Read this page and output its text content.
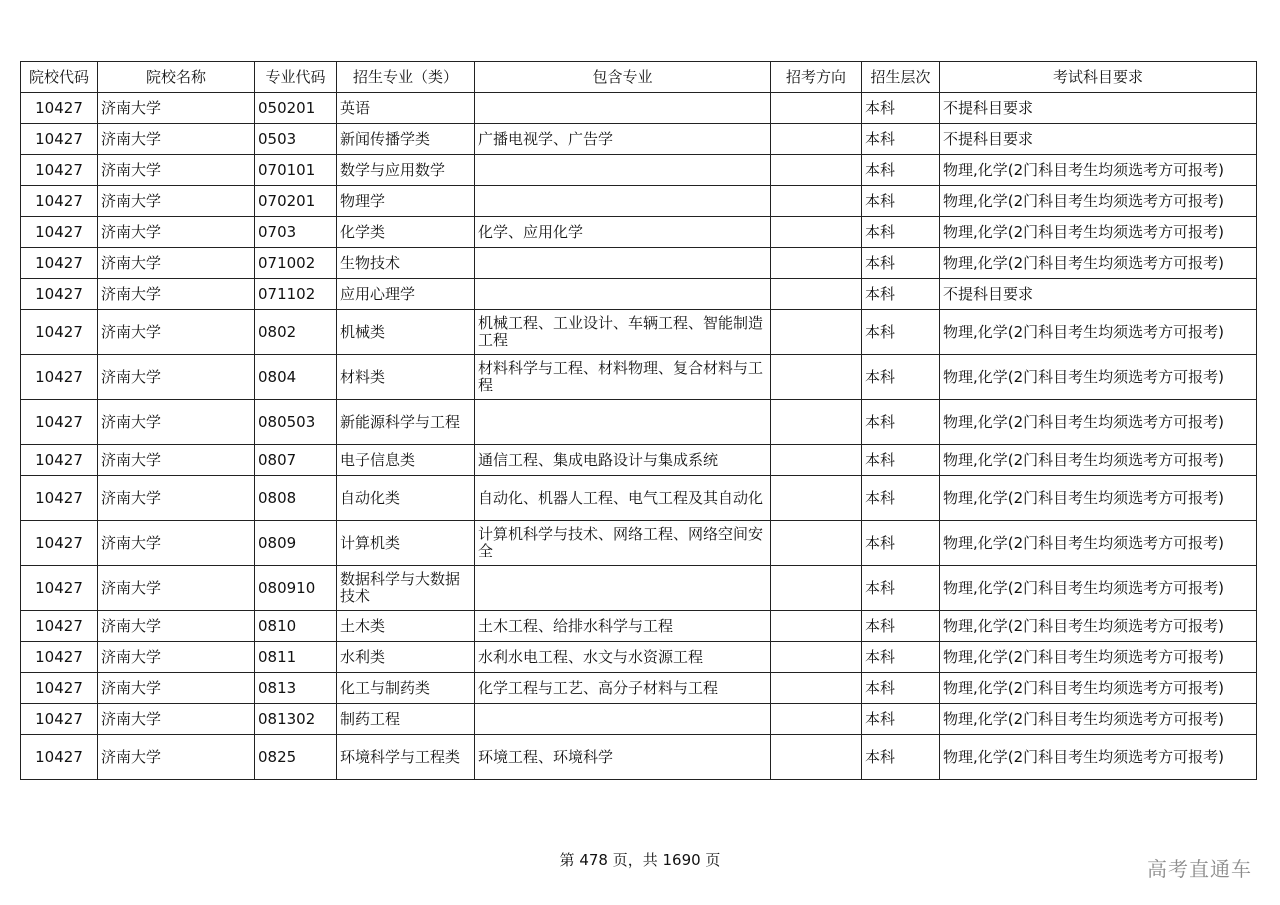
院校代码	院校名称	专业代码	招生专业（类）	包含专业	招考方向	招生层次	考试科目要求
10427	济南大学	050201	英语			本科	不提科目要求
10427	济南大学	0503	新闻传播学类	广播电视学、广告学		本科	不提科目要求
10427	济南大学	070101	数学与应用数学			本科	物理,化学(2门科目考生均须选考方可报考)
10427	济南大学	070201	物理学			本科	物理,化学(2门科目考生均须选考方可报考)
10427	济南大学	0703	化学类	化学、应用化学		本科	物理,化学(2门科目考生均须选考方可报考)
10427	济南大学	071002	生物技术			本科	物理,化学(2门科目考生均须选考方可报考)
10427	济南大学	071102	应用心理学			本科	不提科目要求
10427	济南大学	0802	机械类	机械工程、工业设计、车辆工程、智能制造工程		本科	物理,化学(2门科目考生均须选考方可报考)
10427	济南大学	0804	材料类	材料科学与工程、材料物理、复合材料与工程		本科	物理,化学(2门科目考生均须选考方可报考)
10427	济南大学	080503	新能源科学与工程			本科	物理,化学(2门科目考生均须选考方可报考)
10427	济南大学	0807	电子信息类	通信工程、集成电路设计与集成系统		本科	物理,化学(2门科目考生均须选考方可报考)
10427	济南大学	0808	自动化类	自动化、机器人工程、电气工程及其自动化		本科	物理,化学(2门科目考生均须选考方可报考)
10427	济南大学	0809	计算机类	计算机科学与技术、网络工程、网络空间安全		本科	物理,化学(2门科目考生均须选考方可报考)
10427	济南大学	080910	数据科学与大数据技术			本科	物理,化学(2门科目考生均须选考方可报考)
10427	济南大学	0810	土木类	土木工程、给排水科学与工程		本科	物理,化学(2门科目考生均须选考方可报考)
10427	济南大学	0811	水利类	水利水电工程、水文与水资源工程		本科	物理,化学(2门科目考生均须选考方可报考)
10427	济南大学	0813	化工与制药类	化学工程与工艺、高分子材料与工程		本科	物理,化学(2门科目考生均须选考方可报考)
10427	济南大学	081302	制药工程			本科	物理,化学(2门科目考生均须选考方可报考)
10427	济南大学	0825	环境科学与工程类	环境工程、环境科学		本科	物理,化学(2门科目考生均须选考方可报考)
第 478 页，共 1690 页	高考直通车
